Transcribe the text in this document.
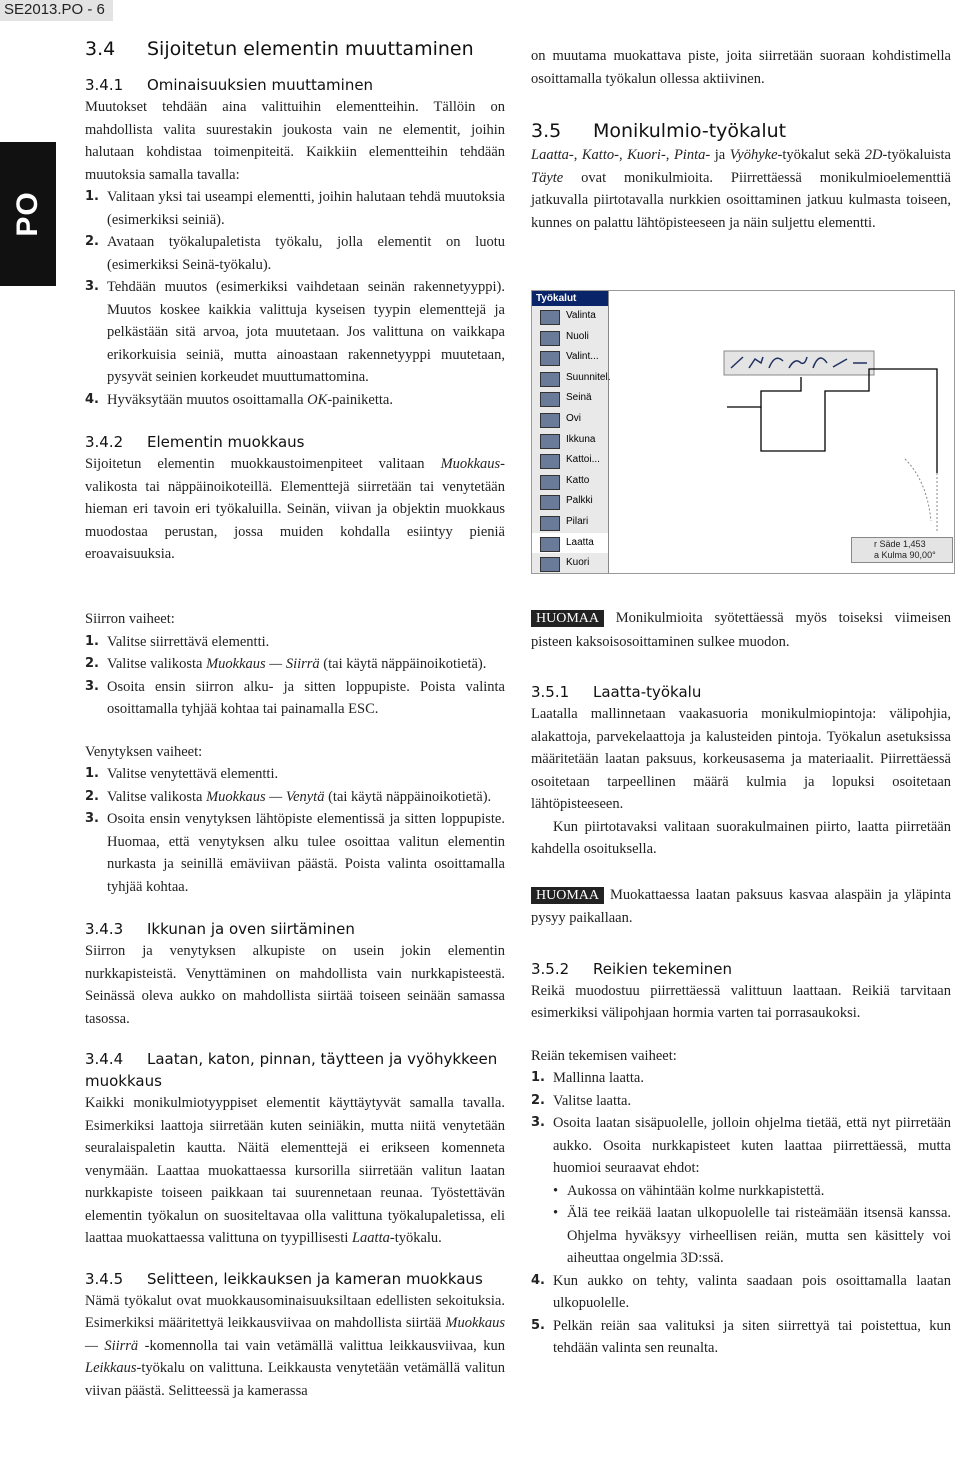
SE2013.PO - 6
PO
3.4 Sijoitetun elementin muuttaminen
3.4.1 Ominaisuuksien muuttaminen

Muutokset tehdään aina valittuihin elementteihin. Tällöin on mahdollista valita suurestakin joukosta vain ne elementit, joihin halutaan kohdistaa toimenpiteitä. Kaikkiin elementteihin tehdään muutoksia samalla tavalla:

1. Valitaan yksi tai useampi elementti, joihin halutaan tehdä muutoksia (esimerkiksi seiniä).
2. Avataan työkalupaletista työkalu, jolla elementit on luotu (esimerkiksi Seinä-työkalu).
3. Tehdään muutos (esimerkiksi vaihdetaan seinän rakennetyyppi). Muutos koskee kaikkia valittuja kyseisen tyypin elementtejä ja pelkästään sitä arvoa, jota muutetaan. Jos valittuna on vaikkapa erikorkuisia seiniä, mutta ainoastaan rakennetyyppi muutetaan, pysyvät seinien korkeudet muuttumattomina.
4. Hyväksytään muutos osoittamalla OK-painiketta.
3.4.2 Elementin muokkaus

Sijoitetun elementin muokkaustoimenpiteet valitaan Muokkaus-valikosta tai näppäinoikoteillä. Elementtejä siirretään tai venytetään hieman eri tavoin eri työkaluilla. Seinän, viivan ja objektin muokkaus muodostaa perustan, jossa muiden kohdalla esiintyy pieniä eroavaisuuksia.

Siirron vaiheet:

1. Valitse siirrettävä elementti.
2. Valitse valikosta Muokkaus — Siirrä (tai käytä näppäinoikotietä).
3. Osoita ensin siirron alku- ja sitten loppupiste. Poista valinta osoittamalla tyhjää kohtaa tai painamalla ESC.

Venytyksen vaiheet:

1. Valitse venytettävä elementti.
2. Valitse valikosta Muokkaus — Venytä (tai käytä näppäinoikotietä).
3. Osoita ensin venytyksen lähtöpiste elementissä ja sitten loppupiste. Huomaa, että venytyksen alku tulee osoittaa valitun elementin nurkasta ja seinillä emäviivan päästä. Poista valinta osoittamalla tyhjää kohtaa.
3.4.3 Ikkunan ja oven siirtäminen

Siirron ja venytyksen alkupiste on usein jokin elementin nurkkapisteistä. Venyttäminen on mahdollista vain nurkkapisteestä. Seinässä oleva aukko on mahdollista siirtää toiseen seinään samassa tasossa.

3.4.4 Laatan, katon, pinnan, täytteen ja vyöhykkeen muokkaus

Kaikki monikulmiotyyppiset elementit käyttäytyvät samalla tavalla. Esimerkiksi laattoja siirretään kuten seiniäkin, mutta niitä venytetään seuralaispaletin kautta. Näitä elementtejä ei erikseen komenneta venymään. Laattaa muokattaessa kursorilla siirretään valitun laatan nurkkapiste toiseen paikkaan tai suurennetaan reunaa. Työstettävän elementin työkalun on suositeltavaa olla valittuna työkalupaletissa, eli laattaa muokattaessa valittuna on tyypillisesti Laatta-työkalu.

3.4.5 Selitteen, leikkauksen ja kameran muokkaus

Nämä työkalut ovat muokkausominaisuuksiltaan edellisten sekoituksia. Esimerkiksi määritettyä leikkausviivaa on mahdollista siirtää Muokkaus — Siirrä -komennolla tai vain vetämällä valittua leikkausviivaa, kun Leikkaus-työkalu on valittuna. Leikkausta venytetään vetämällä valitun viivan päästä. Selitteessä ja kamerassa

on muutama muokattava piste, joita siirretään suoraan kohdistimella osoittamalla työkalun ollessa aktiivinen.

3.5 Monikulmio-työkalut

Laatta-, Katto-, Kuori-, Pinta- ja Vyöhyke-työkalut sekä 2D-työkaluista Täyte ovat monikulmioita. Piirrettäessä monikulmioelementtiä jatkuvalla piirtotavalla nurkkien osoittaminen jatkuu kulmasta toiseen, kunnes on palattu lähtöpisteeseen ja näin suljettu elementti.

Työkalut
Valinta
Nuoli
Valint...
Suunnitel.
Seinä
Ovi
Ikkuna
Kattoi...
Katto
Palkki
Pilari
Laatta
Kuori
r Säde 1,453
a Kulma 90,00°

HUOMAA Monikulmioita syötettäessä myös toiseksi viimeisen pisteen kaksoisosoittaminen sulkee muodon.

3.5.1 Laatta-työkalu

Laatalla mallinnetaan vaakasuoria monikulmiopintoja: välipohjia, alakattoja, parvekelaattoja ja kalusteiden pintoja. Työkalun asetuksissa määritetään laatan paksuus, korkeusasema ja materiaalit. Piirrettäessä osoitetaan tarpeellinen määrä kulmia ja lopuksi osoitetaan lähtöpisteeseen.

Kun piirtotavaksi valitaan suorakulmainen piirto, laatta piirretään kahdella osoituksella.

HUOMAA Muokattaessa laatan paksuus kasvaa alaspäin ja yläpinta pysyy paikallaan.

3.5.2 Reikien tekeminen

Reikä muodostuu piirrettäessä valittuun laattaan. Reikiä tarvitaan esimerkiksi välipohjaan hormia varten tai porrasaukoksi.

Reiän tekemisen vaiheet:

1. Mallinna laatta.
2. Valitse laatta.
3. Osoita laatan sisäpuolelle, jolloin ohjelma tietää, että nyt piirretään aukko. Osoita nurkkapisteet kuten laattaa piirrettäessä, mutta huomioi seuraavat ehdot:
• Aukossa on vähintään kolme nurkkapistettä.
• Älä tee reikää laatan ulkopuolelle tai risteämään itsensä kanssa. Ohjelma hyväksyy virheellisen reiän, mutta sen käsittely voi aiheuttaa ongelmia 3D:ssä.
4. Kun aukko on tehty, valinta saadaan pois osoittamalla laatan ulkopuolelle.
5. Pelkän reiän saa valituksi ja siten siirrettyä tai poistettua, kun tehdään valinta sen reunalta.
